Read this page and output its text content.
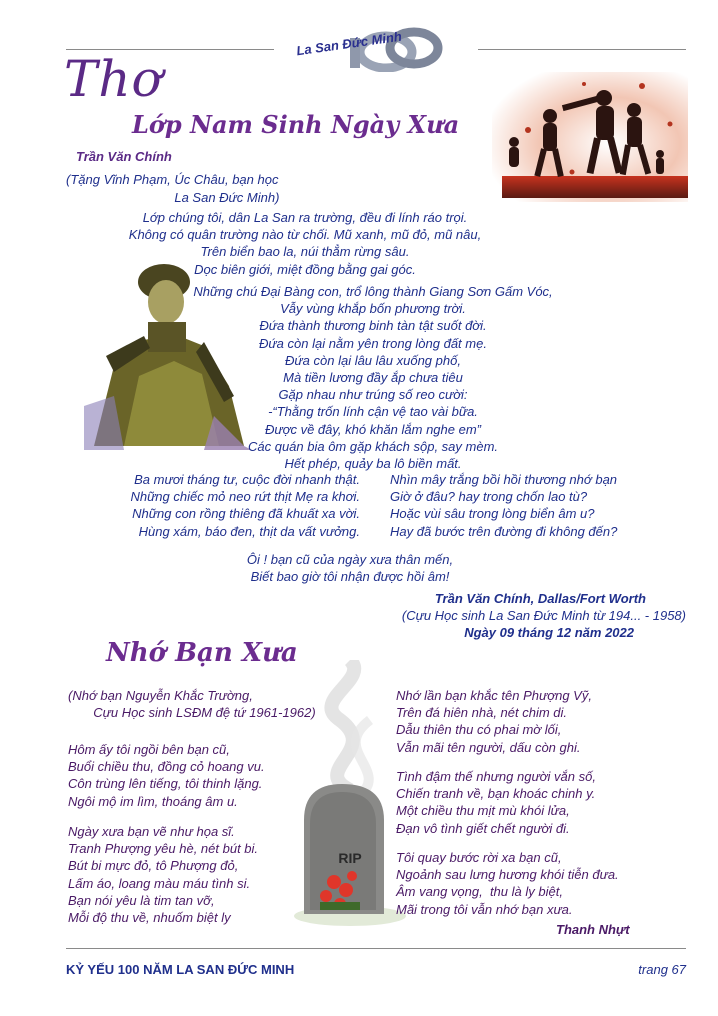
La San Đức Minh
Thơ
Lớp Nam Sinh Ngày Xưa
Trần Văn Chính
(Tặng Vĩnh Phạm, Úc Châu, bạn học
La San Đức Minh)
Lớp chúng tôi, dân La San ra trường, đều đi lính ráo trọi.
Không có quân trường nào từ chối. Mũ xanh, mũ đỏ, mũ nâu,
Trên biển bao la, núi thẳm rừng sâu.
Dọc biên giới, miệt đồng bằng gai góc.
Những chú Đại Bàng con, trổ lông thành Giang Sơn Gấm Vóc,
Vẫy vùng khắp bốn phương trời.
Đứa thành thương binh tàn tật suốt đời.
Đứa còn lại nằm yên trong lòng đất mẹ.
Đứa còn lại lâu lâu xuống phố,
Mà tiền lương đầy ắp chưa tiêu
Gặp nhau như trúng số reo cười:
-“Thằng trốn lính cận vệ tao vài bữa.
Được về đây, khó khăn lắm nghe em”
Các quán bia ôm gặp khách sộp, say mèm.
Hết phép, quảy ba lô biền mất.
Ba mươi tháng tư, cuộc đời nhanh thật.
Những chiếc mỏ neo rứt thịt Mẹ ra khơi.
Những con rồng thiêng đã khuất xa vời.
Hùng xám, báo đen, thịt da vất vưởng.
Nhìn mây trắng bồi hồi thương nhớ bạn
Giờ ở đâu? hay trong chốn lao tù?
Hoặc vùi sâu trong lòng biển âm u?
Hay đã bước trên đường đi không đến?
Ôi ! bạn cũ của ngày xưa thân mến,
Biết bao giờ tôi nhận được hồi âm!
Trần Văn Chính, Dallas/Fort Worth
(Cựu Học sinh La San Đức Minh từ 194... - 1958)
Ngày 09 tháng 12 năm 2022
Nhớ Bạn Xưa
(Nhớ bạn Nguyễn Khắc Trường,
Cựu Học sinh LSĐM đệ tứ 1961-1962)
Hôm ấy tôi ngồi bên bạn cũ,
Buổi chiều thu, đồng cỏ hoang vu.
Côn trùng lên tiếng, tôi thinh lặng.
Ngôi mộ im lìm, thoáng âm u.
Ngày xưa bạn vẽ như họa sĩ.
Tranh Phượng yêu hè, nét bút bi.
Bút bi mực đỏ, tô Phượng đỏ,
Lấm áo, loang màu máu tình si.
Bạn nói yêu là tim tan vỡ,
Mỗi độ thu về, nhuốm biệt ly
RIP
Nhớ lần bạn khắc tên Phượng Vỹ,
Trên đá hiên nhà, nét chim di.
Dẫu thiên thu có phai mờ lối,
Vẫn mãi tên người, dấu còn ghi.
Tình đậm thế nhưng người vắn số,
Chiến tranh về, bạn khoác chinh y.
Một chiều thu mịt mù khói lửa,
Đạn vô tình giết chết người đi.
Tôi quay bước rời xa bạn cũ,
Ngoảnh sau lưng hương khói tiễn đưa.
Âm vang vọng,  thu là ly biệt,
Mãi trong tôi vẫn nhớ bạn xưa.
Thanh Nhựt
KỶ YẾU 100 NĂM LA SAN ĐỨC MINH	trang 67
